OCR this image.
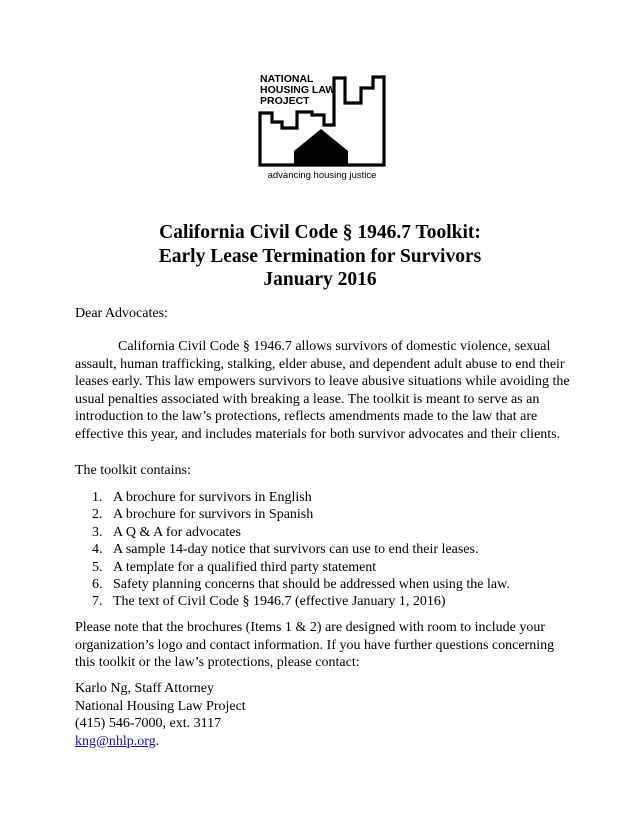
NATIONAL
HOUSING LAW
PROJECT
advancing housing justice
California Civil Code § 1946.7 Toolkit:
Early Lease Termination for Survivors
January 2016
Dear Advocates:
California Civil Code § 1946.7 allows survivors of domestic violence, sexual assault, human trafficking, stalking, elder abuse, and dependent adult abuse to end their leases early. This law empowers survivors to leave abusive situations while avoiding the usual penalties associated with breaking a lease. The toolkit is meant to serve as an introduction to the law’s protections, reflects amendments made to the law that are effective this year, and includes materials for both survivor advocates and their clients.
The toolkit contains:
1. A brochure for survivors in English
2. A brochure for survivors in Spanish
3. A Q & A for advocates
4. A sample 14-day notice that survivors can use to end their leases.
5. A template for a qualified third party statement
6. Safety planning concerns that should be addressed when using the law.
7. The text of Civil Code § 1946.7 (effective January 1, 2016)
Please note that the brochures (Items 1 & 2) are designed with room to include your organization’s logo and contact information. If you have further questions concerning this toolkit or the law’s protections, please contact:
Karlo Ng, Staff Attorney
National Housing Law Project
(415) 546-7000, ext. 3117
kng@nhlp.org.
